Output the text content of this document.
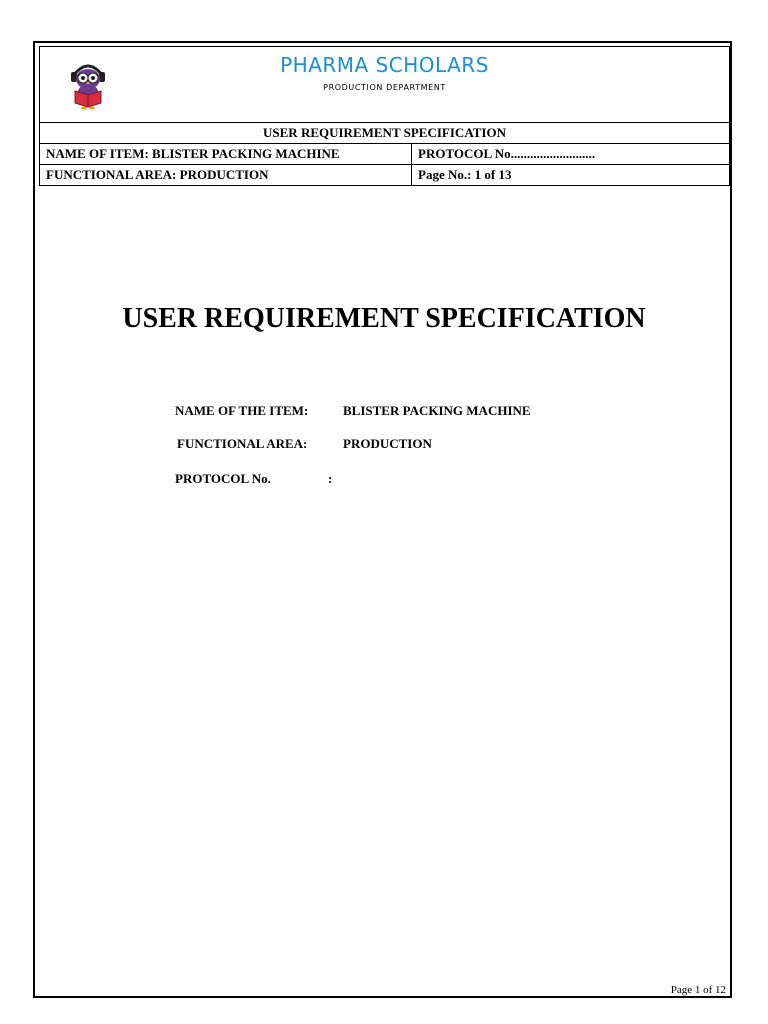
PHARMA SCHOLARS
PRODUCTION DEPARTMENT
USER REQUIREMENT SPECIFICATION	
NAME OF ITEM: BLISTER PACKING MACHINE	PROTOCOL No..........................
FUNCTIONAL AREA: PRODUCTION	Page No.: 1 of 13
USER REQUIREMENT SPECIFICATION
NAME OF THE ITEM:	BLISTER PACKING MACHINE
FUNCTIONAL AREA:	PRODUCTION
PROTOCOL No.	:
Page 1 of 12
